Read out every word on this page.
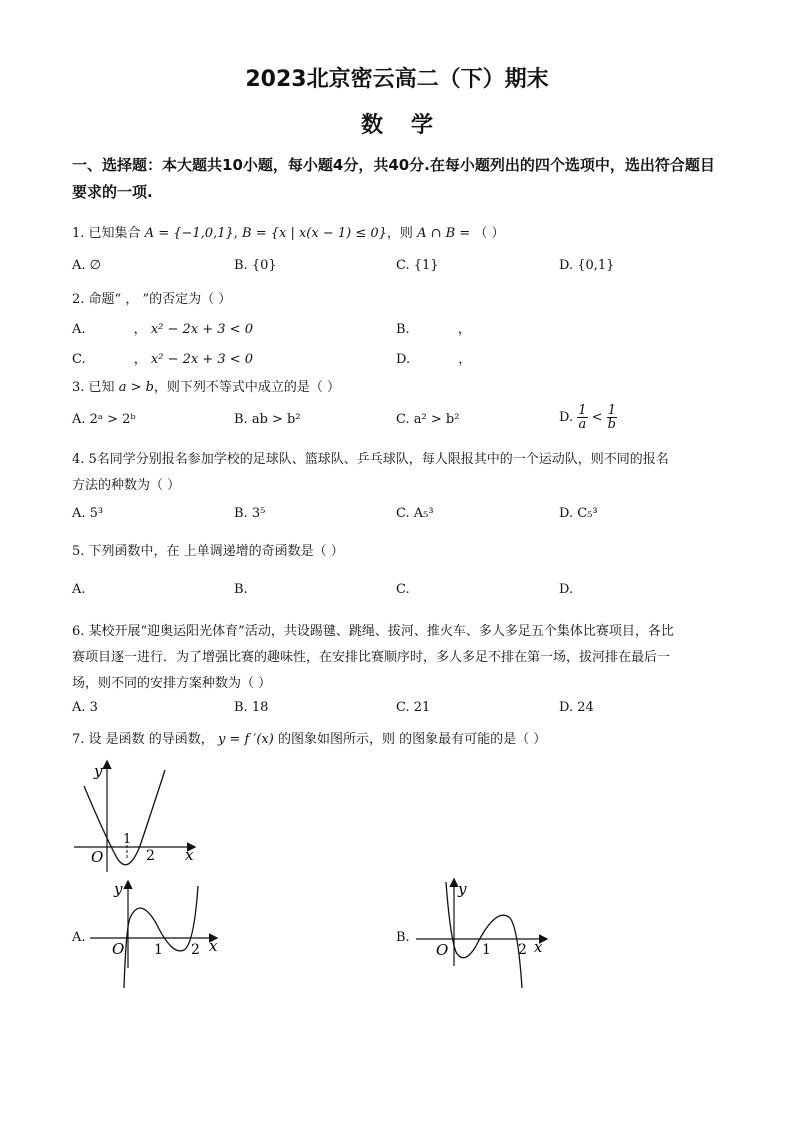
2023北京密云高二（下）期末
数学
一、选择题：本大题共10小题，每小题4分，共40分.在每小题列出的四个选项中，选出符合题目要求的一项.
1. 已知集合 A = {−1,0,1}, B = {x | x(x − 1) ≤ 0}，则 A ∩ B = （ ）
A. ∅	B. {0}	C. {1}	D. {0,1}
2. 命题“ ， ”的否定为（ ）
A.	， x² − 2x + 3 < 0	B.	，
C.	， x² − 2x + 3 < 0	D.	，
3. 已知 a > b，则下列不等式中成立的是（ ）
A. 2ᵃ > 2ᵇ	B. ab > b²	C. a² > b²	D. $\frac{1}{a} < \frac{1}{b}$
4. 5名同学分别报名参加学校的足球队、篮球队、乒乓球队，每人限报其中的一个运动队，则不同的报名
方法的种数为（ ）
A. 5³	B. 3⁵	C. A₅³	D. C₅³
5. 下列函数中，在 上单调递增的奇函数是（ ）
A.	B.	C.	D.
6. 某校开展“迎奥运阳光体育”活动，共设踢毽、跳绳、拔河、推火车、多人多足五个集体比赛项目，各比
赛项目逐一进行．为了增强比赛的趣味性，在安排比赛顺序时，多人多足不排在第一场，拔河排在最后一
场，则不同的安排方案种数为（ ）
A. 3	B. 18	C. 21	D. 24
7. 设 是函数 的导函数， y = f ′(x) 的图象如图所示，则 的图象最有可能的是（ ）
y
x
O
1
2
A.
y
x
O 1 2
B.
y
x
O 1 2
